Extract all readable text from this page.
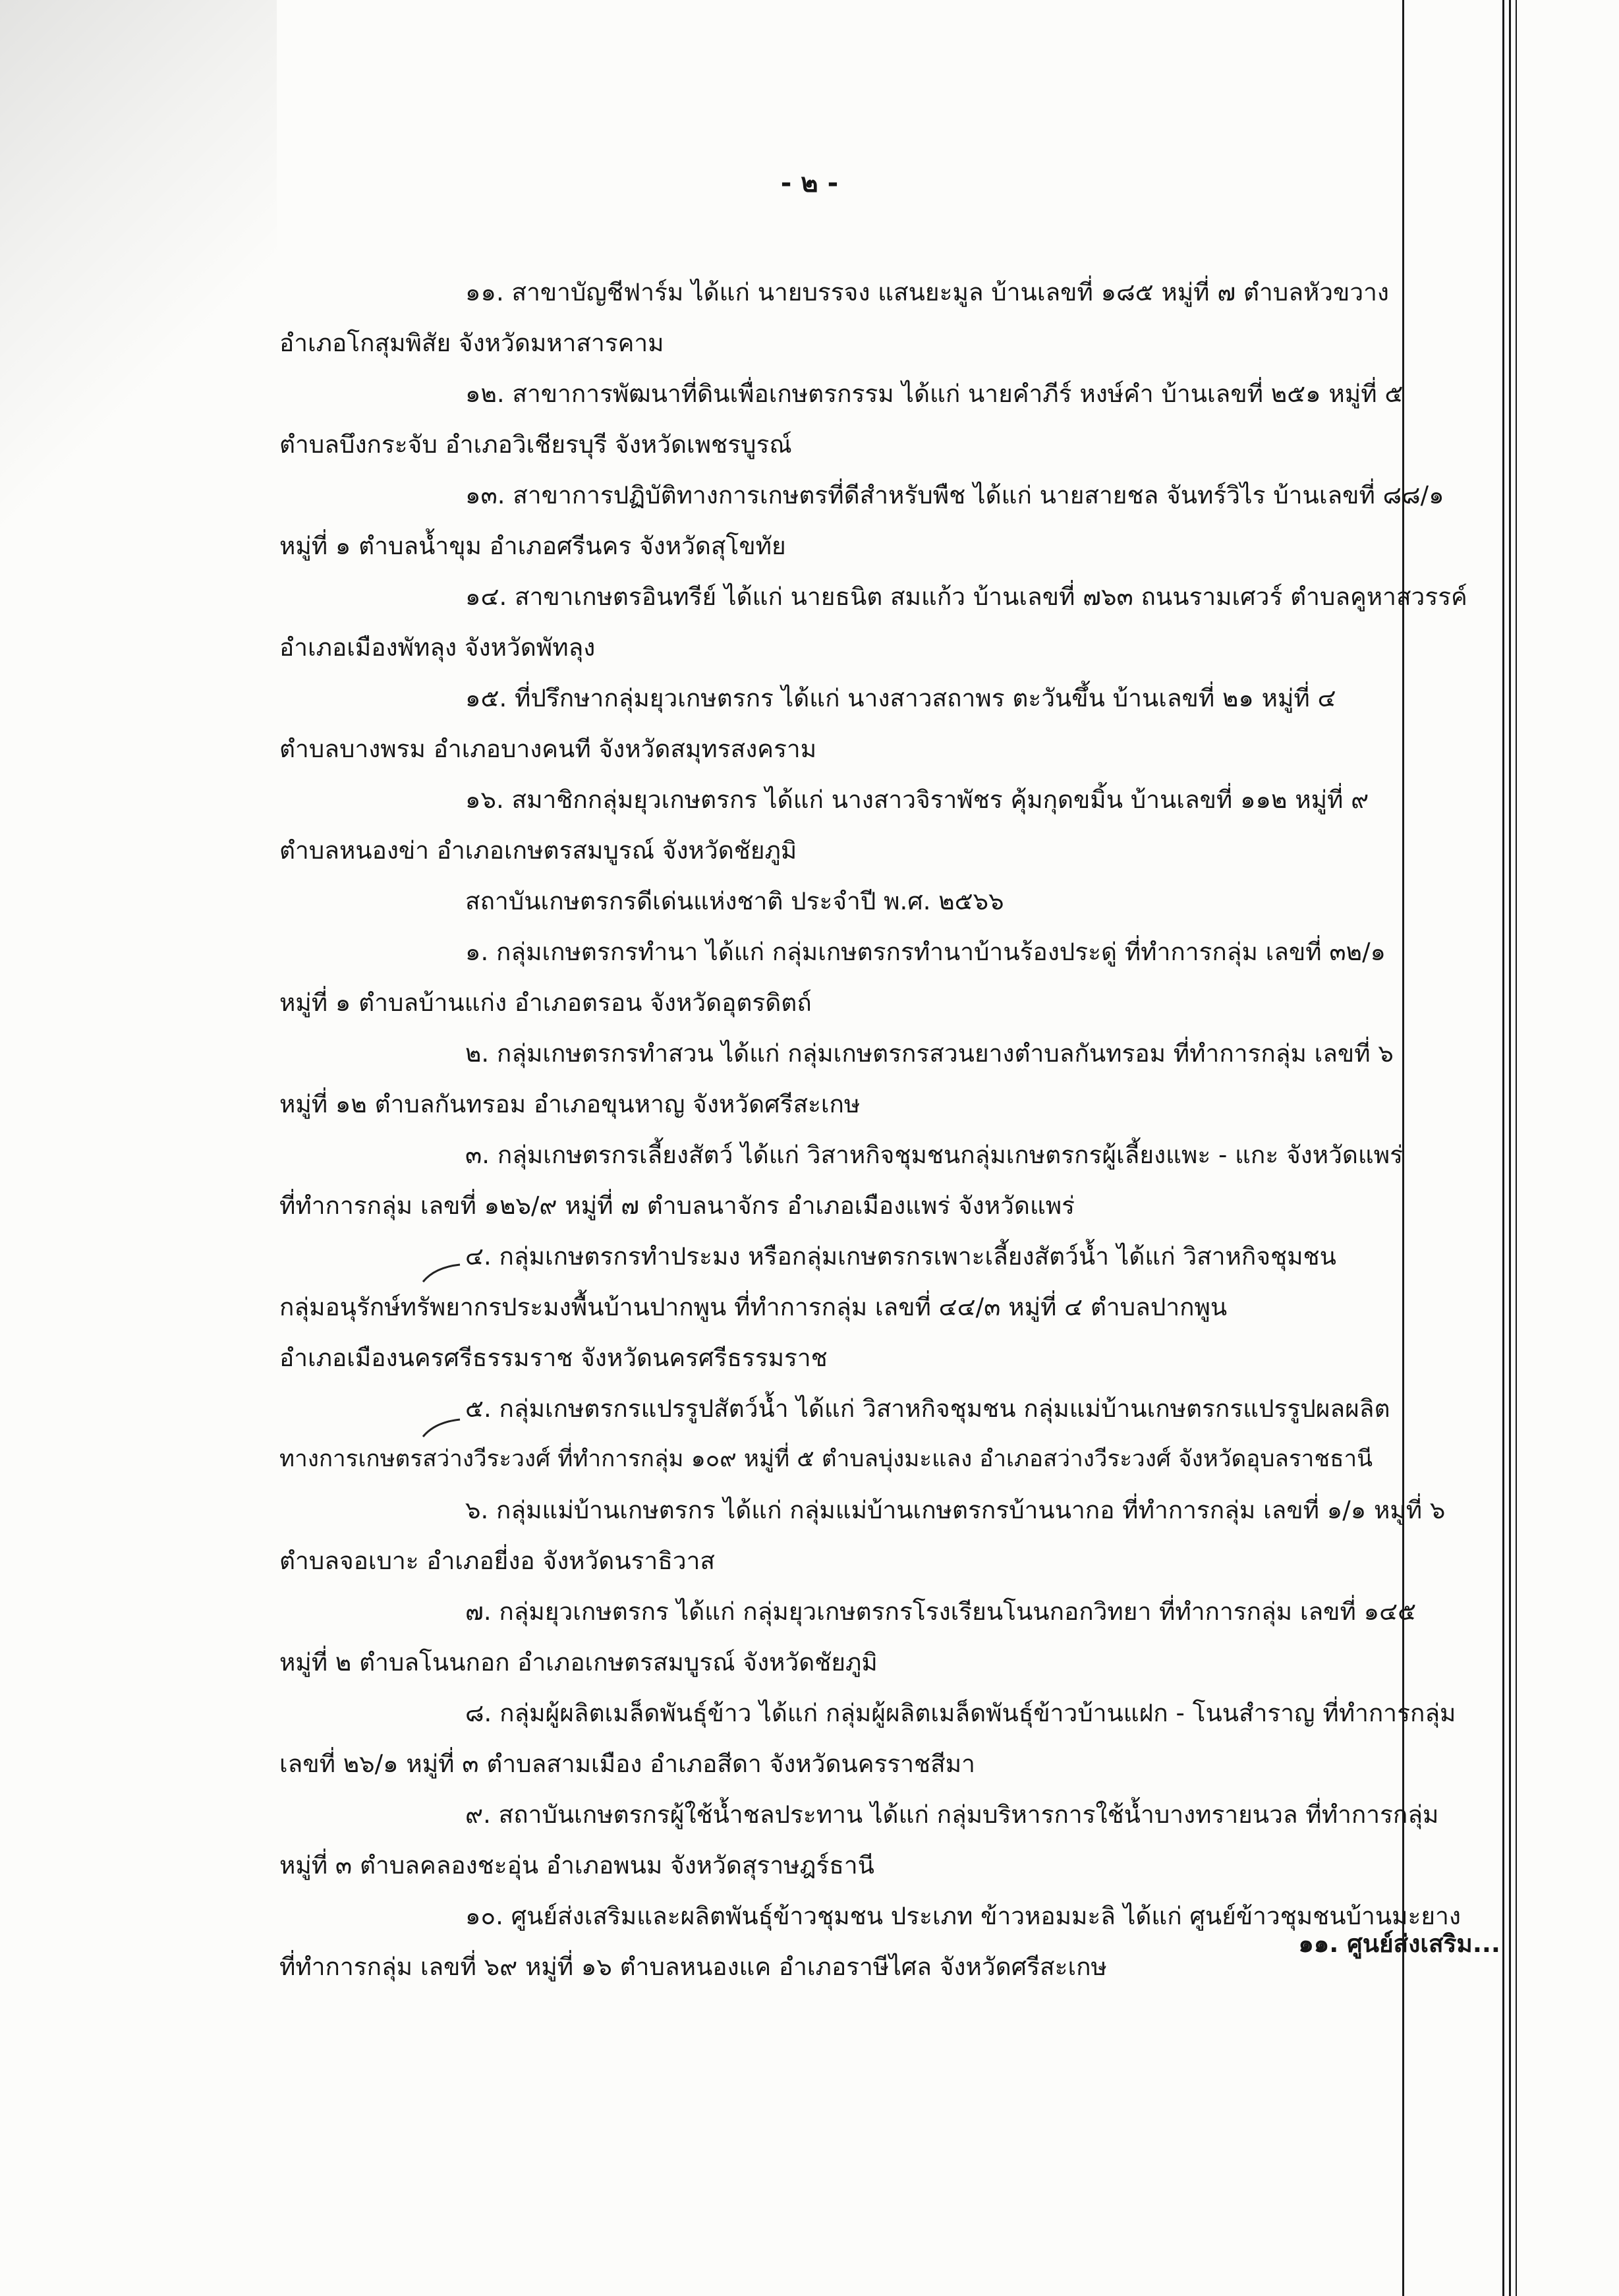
- ๒ -
๑๑. สาขาบัญชีฟาร์ม ได้แก่ นายบรรจง แสนยะมูล บ้านเลขที่ ๑๘๕ หมู่ที่ ๗ ตำบลหัวขวาง
อำเภอโกสุมพิสัย จังหวัดมหาสารคาม
๑๒. สาขาการพัฒนาที่ดินเพื่อเกษตรกรรม ได้แก่ นายคำภีร์ หงษ์คำ บ้านเลขที่ ๒๕๑ หมู่ที่ ๕
ตำบลบึงกระจับ อำเภอวิเชียรบุรี จังหวัดเพชรบูรณ์
๑๓. สาขาการปฏิบัติทางการเกษตรที่ดีสำหรับพืช ได้แก่ นายสายชล จันทร์วิไร บ้านเลขที่ ๘๘/๑
หมู่ที่ ๑ ตำบลน้ำขุม อำเภอศรีนคร จังหวัดสุโขทัย
๑๔. สาขาเกษตรอินทรีย์ ได้แก่ นายธนิต สมแก้ว บ้านเลขที่ ๗๖๓ ถนนรามเศวร์ ตำบลคูหาสวรรค์
อำเภอเมืองพัทลุง จังหวัดพัทลุง
๑๕. ที่ปรึกษากลุ่มยุวเกษตรกร ได้แก่ นางสาวสถาพร ตะวันขึ้น บ้านเลขที่ ๒๑ หมู่ที่ ๔
ตำบลบางพรม อำเภอบางคนที จังหวัดสมุทรสงคราม
๑๖. สมาชิกกลุ่มยุวเกษตรกร ได้แก่ นางสาวจิราพัชร คุ้มกุดขมิ้น บ้านเลขที่ ๑๑๒ หมู่ที่ ๙
ตำบลหนองข่า อำเภอเกษตรสมบูรณ์ จังหวัดชัยภูมิ
สถาบันเกษตรกรดีเด่นแห่งชาติ ประจำปี พ.ศ. ๒๕๖๖
๑. กลุ่มเกษตรกรทำนา ได้แก่ กลุ่มเกษตรกรทำนาบ้านร้องประดู่ ที่ทำการกลุ่ม เลขที่ ๓๒/๑
หมู่ที่ ๑ ตำบลบ้านแก่ง อำเภอตรอน จังหวัดอุตรดิตถ์
๒. กลุ่มเกษตรกรทำสวน ได้แก่ กลุ่มเกษตรกรสวนยางตำบลกันทรอม ที่ทำการกลุ่ม เลขที่ ๖
หมู่ที่ ๑๒ ตำบลกันทรอม อำเภอขุนหาญ จังหวัดศรีสะเกษ
๓. กลุ่มเกษตรกรเลี้ยงสัตว์ ได้แก่ วิสาหกิจชุมชนกลุ่มเกษตรกรผู้เลี้ยงแพะ - แกะ จังหวัดแพร่
ที่ทำการกลุ่ม เลขที่ ๑๒๖/๙ หมู่ที่ ๗ ตำบลนาจักร อำเภอเมืองแพร่ จังหวัดแพร่
๔. กลุ่มเกษตรกรทำประมง หรือกลุ่มเกษตรกรเพาะเลี้ยงสัตว์น้ำ ได้แก่ วิสาหกิจชุมชน
กลุ่มอนุรักษ์ทรัพยากรประมงพื้นบ้านปากพูน ที่ทำการกลุ่ม เลขที่ ๔๔/๓ หมู่ที่ ๔ ตำบลปากพูน
อำเภอเมืองนครศรีธรรมราช จังหวัดนครศรีธรรมราช
๕. กลุ่มเกษตรกรแปรรูปสัตว์น้ำ ได้แก่ วิสาหกิจชุมชน กลุ่มแม่บ้านเกษตรกรแปรรูปผลผลิต
ทางการเกษตรสว่างวีระวงศ์ ที่ทำการกลุ่ม ๑๐๙ หมู่ที่ ๕ ตำบลบุ่งมะแลง อำเภอสว่างวีระวงศ์ จังหวัดอุบลราชธานี
๖. กลุ่มแม่บ้านเกษตรกร ได้แก่ กลุ่มแม่บ้านเกษตรกรบ้านนากอ ที่ทำการกลุ่ม เลขที่ ๑/๑ หมู่ที่ ๖
ตำบลจอเบาะ อำเภอยี่งอ จังหวัดนราธิวาส
๗. กลุ่มยุวเกษตรกร ได้แก่ กลุ่มยุวเกษตรกรโรงเรียนโนนกอกวิทยา ที่ทำการกลุ่ม เลขที่ ๑๔๕
หมู่ที่ ๒ ตำบลโนนกอก อำเภอเกษตรสมบูรณ์ จังหวัดชัยภูมิ
๘. กลุ่มผู้ผลิตเมล็ดพันธุ์ข้าว ได้แก่ กลุ่มผู้ผลิตเมล็ดพันธุ์ข้าวบ้านแฝก - โนนสำราญ ที่ทำการกลุ่ม
เลขที่ ๒๖/๑ หมู่ที่ ๓ ตำบลสามเมือง อำเภอสีดา จังหวัดนครราชสีมา
๙. สถาบันเกษตรกรผู้ใช้น้ำชลประทาน ได้แก่ กลุ่มบริหารการใช้น้ำบางทรายนวล ที่ทำการกลุ่ม
หมู่ที่ ๓ ตำบลคลองชะอุ่น อำเภอพนม จังหวัดสุราษฎร์ธานี
๑๐. ศูนย์ส่งเสริมและผลิตพันธุ์ข้าวชุมชน ประเภท ข้าวหอมมะลิ ได้แก่ ศูนย์ข้าวชุมชนบ้านมะยาง
ที่ทำการกลุ่ม เลขที่ ๖๙ หมู่ที่ ๑๖ ตำบลหนองแค อำเภอราษีไศล จังหวัดศรีสะเกษ
๑๑. ศูนย์ส่งเสริม...
